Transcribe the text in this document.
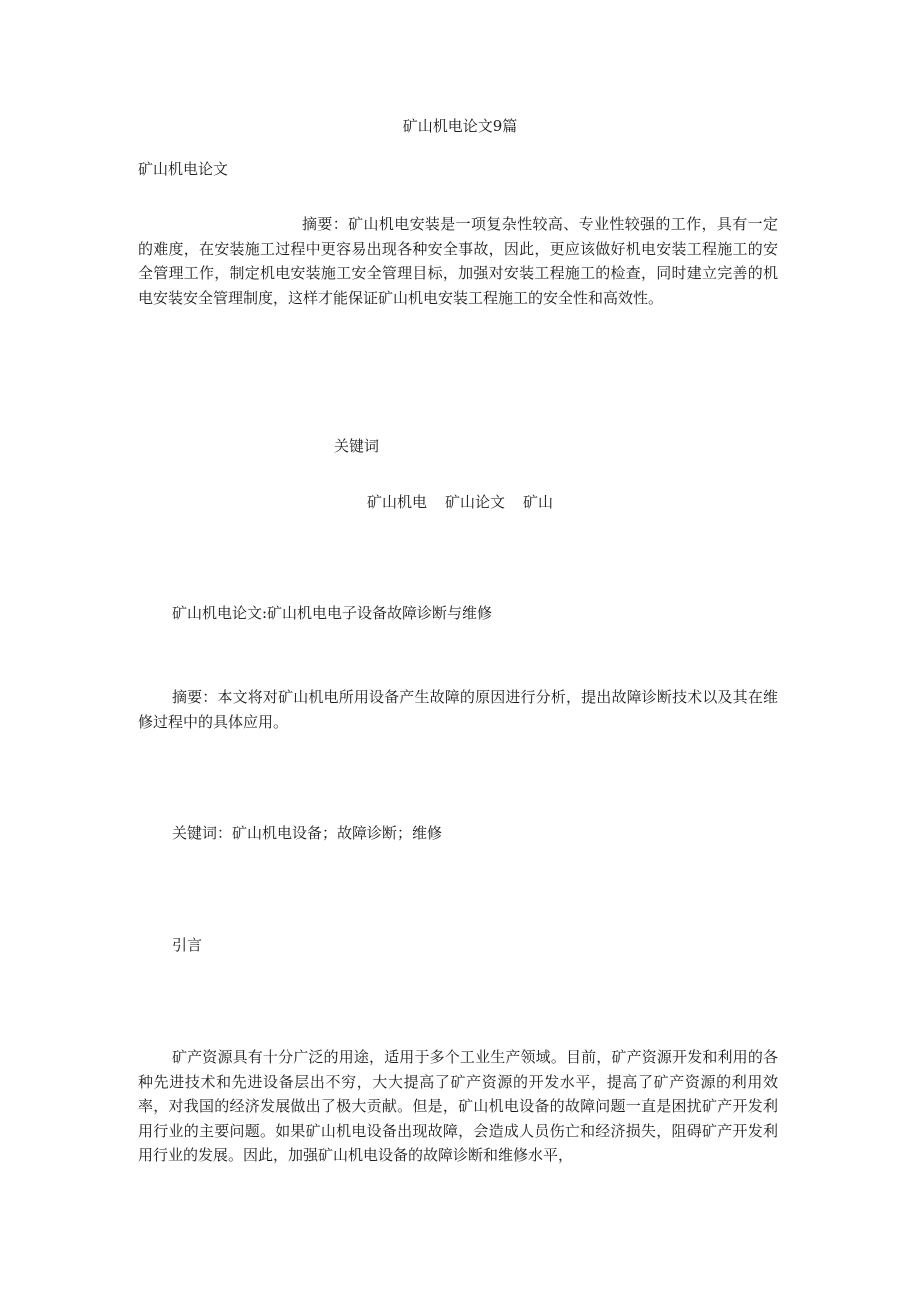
矿山机电论文9篇
矿山机电论文
摘要：矿山机电安装是一项复杂性较高、专业性较强的工作，具有一定的难度，在安装施工过程中更容易出现各种安全事故，因此，更应该做好机电安装工程施工的安全管理工作，制定机电安装施工安全管理目标，加强对安装工程施工的检查，同时建立完善的机电安装安全管理制度，这样才能保证矿山机电安装工程施工的安全性和高效性。
关键词
矿山机电 矿山论文 矿山
矿山机电论文:矿山机电电子设备故障诊断与维修
摘要：本文将对矿山机电所用设备产生故障的原因进行分析，提出故障诊断技术以及其在维修过程中的具体应用。
关键词：矿山机电设备；故障诊断；维修
引言
矿产资源具有十分广泛的用途，适用于多个工业生产领域。目前，矿产资源开发和利用的各种先进技术和先进设备层出不穷，大大提高了矿产资源的开发水平，提高了矿产资源的利用效率，对我国的经济发展做出了极大贡献。但是，矿山机电设备的故障问题一直是困扰矿产开发利用行业的主要问题。如果矿山机电设备出现故障，会造成人员伤亡和经济损失，阻碍矿产开发利用行业的发展。因此，加强矿山机电设备的故障诊断和维修水平，
